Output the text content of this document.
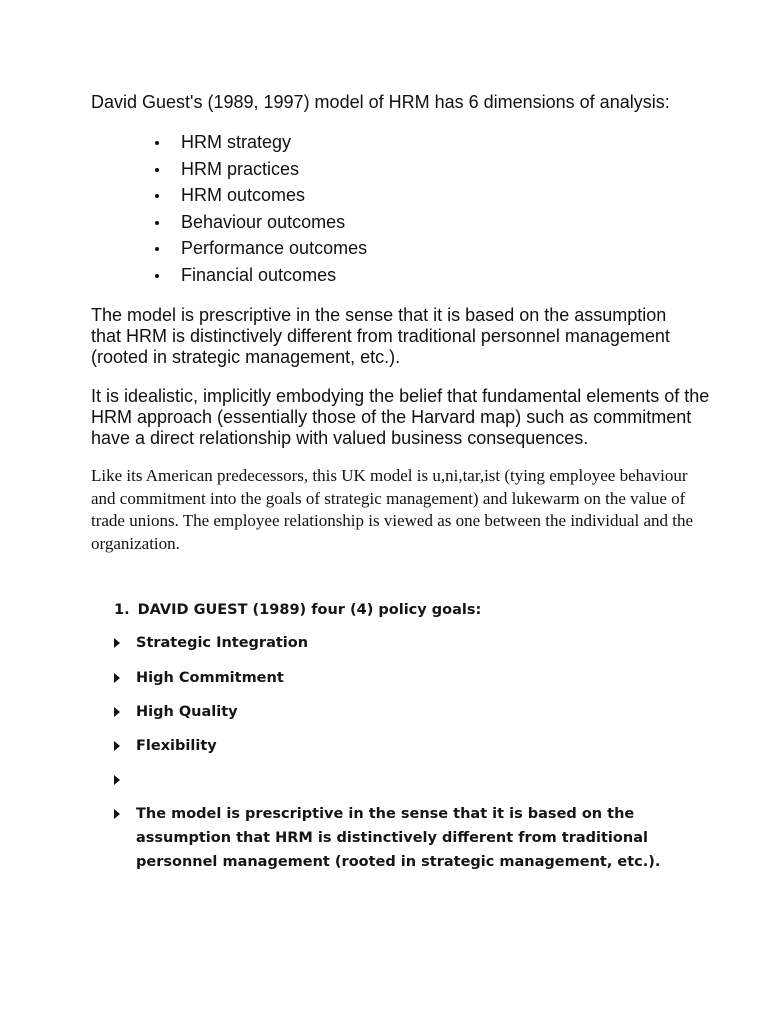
David Guest's (1989, 1997) model of HRM has 6 dimensions of analysis:

HRM strategy
HRM practices
HRM outcomes
Behaviour outcomes
Performance outcomes
Financial outcomes

The model is prescriptive in the sense that it is based on the assumption that HRM is distinctively different from traditional personnel management (rooted in strategic management, etc.).

It is idealistic, implicitly embodying the belief that fundamental elements of the HRM approach (essentially those of the Harvard map) such as commitment have a direct relationship with valued business consequences.

Like its American predecessors, this UK model is u,ni,tar,ist (tying employee behaviour and commitment into the goals of strategic management) and lukewarm on the value of trade unions. The employee relationship is viewed as one between the individual and the organization.

1. DAVID GUEST (1989) four (4) policy goals:
Strategic Integration
High Commitment
High Quality
Flexibility
The model is prescriptive in the sense that it is based on the assumption that HRM is distinctively different from traditional personnel management (rooted in strategic management, etc.).
